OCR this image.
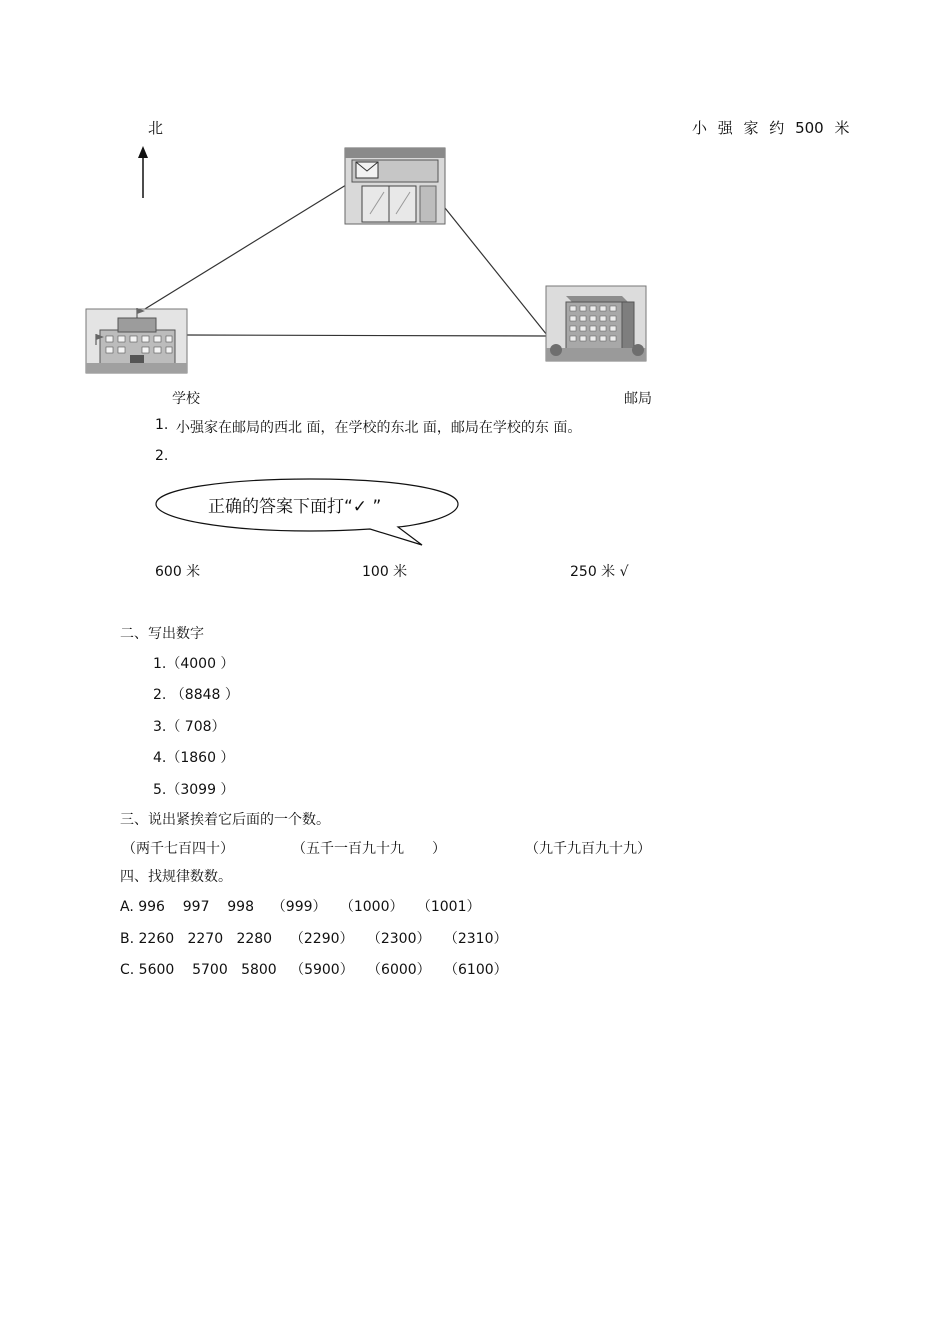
北	小 强 家 约 500 米
学校	邮局
1. 小强家在邮局的西北 面，在学校的东北 面，邮局在学校的东 面。
2.
正确的答案下面打“✓ ”
600 米	100 米	250 米 √
二、写出数字
1.（4000 ）
2. （8848 ）
3.（ 708）
4.（1860 ）
5.（3099 ）
三、说出紧挨着它后面的一个数。
（两千七百四十）	（五千一百九十九　　）	（九千九百九十九）
四、找规律数数。
A. 996    997    998    （999）   （1000）   （1001）
B. 2260   2270   2280    （2290）   （2300）   （2310）
C. 5600    5700   5800   （5900）   （6000）   （6100）
